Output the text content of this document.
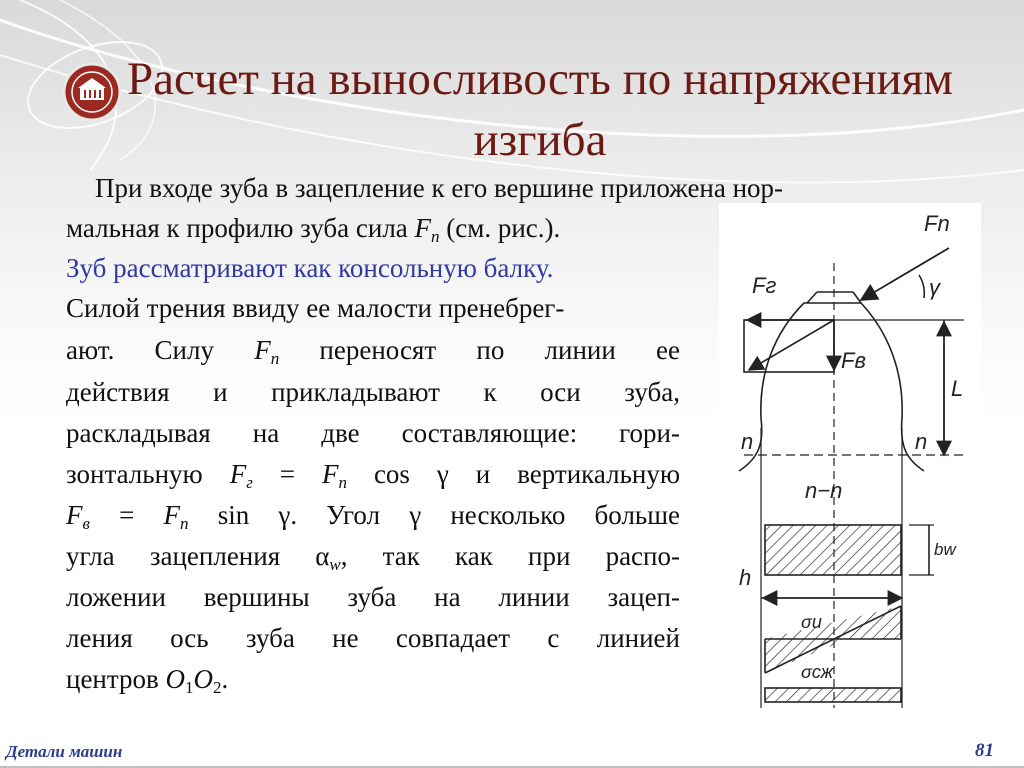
Расчет на выносливость по напряжениям
изгиба

При входе зуба в зацепление к его вершине приложена нор-

мальная к профилю зуба сила $F_n$ (см. рис.).

Зуб рассматривают как консольную балку.

Силой трения ввиду ее малости пренебрег-

ают. Силу $F_n$ переносят по линии ее

действия и прикладывают к оси зуба,

раскладывая на две составляющие: гори-

зонтальную $F_г = F_n$ cos γ и вертикальную

$F_в = F_n$ sin γ. Угол γ несколько больше

угла зацепления $\alpha_w$, так как при распо-

ложении вершины зуба на линии зацеп-

ления ось зуба не совпадает с линией

центров $O_1O_2$.

Fn
Fг
Fв
γ
L
n	n
n−n
bw
h
σu
σсж
Детали машин	81
